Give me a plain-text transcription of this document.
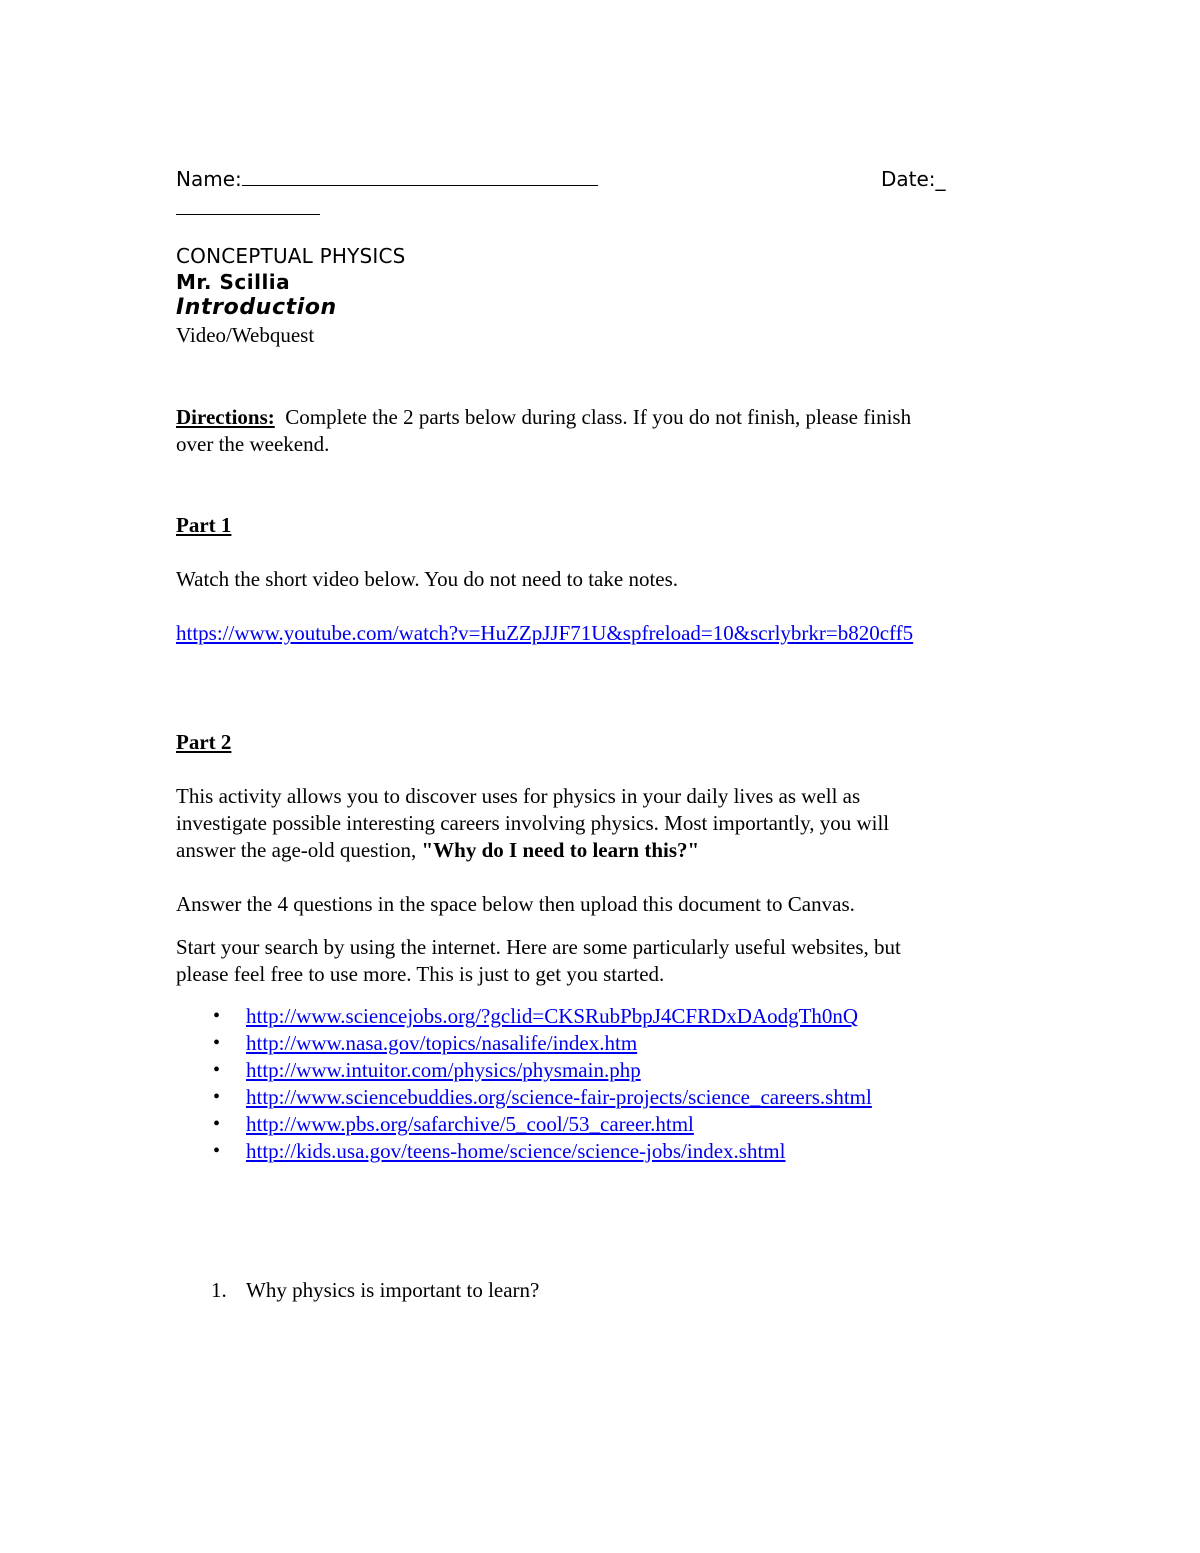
Name:	Date:_
CONCEPTUAL PHYSICS
Mr. Scillia
Introduction
Video/Webquest
Directions: Complete the 2 parts below during class. If you do not finish, please finish
over the weekend.
Part 1
Watch the short video below. You do not need to take notes.
https://www.youtube.com/watch?v=HuZZpJJF71U&spfreload=10&scrlybrkr=b820cff5
Part 2
This activity allows you to discover uses for physics in your daily lives as well as
investigate possible interesting careers involving physics. Most importantly, you will
answer the age-old question, "Why do I need to learn this?"
Answer the 4 questions in the space below then upload this document to Canvas.
Start your search by using the internet. Here are some particularly useful websites, but
please feel free to use more. This is just to get you started.
• http://www.sciencejobs.org/?gclid=CKSRubPbpJ4CFRDxDAodgTh0nQ
• http://www.nasa.gov/topics/nasalife/index.htm
• http://www.intuitor.com/physics/physmain.php
• http://www.sciencebuddies.org/science-fair-projects/science_careers.shtml
• http://www.pbs.org/safarchive/5_cool/53_career.html
• http://kids.usa.gov/teens-home/science/science-jobs/index.shtml
1. Why physics is important to learn?
